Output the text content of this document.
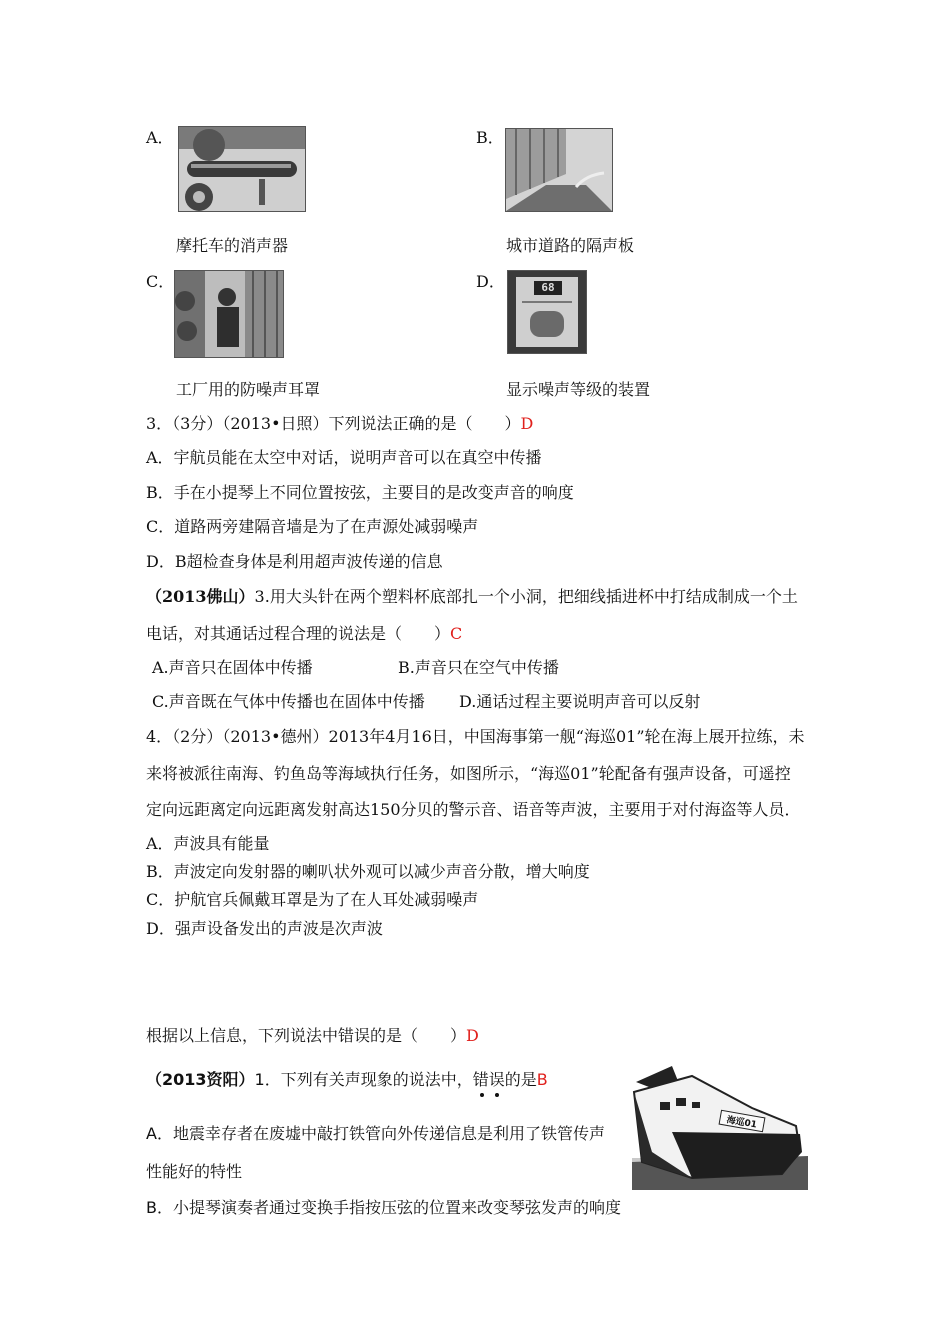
A．
摩托车的消声器
B．
城市道路的隔声板
C．
工厂用的防噪声耳罩
D．	68
显示噪声等级的装置
3．（3分）（2013•日照）下列说法正确的是（　　）D
A．宇航员能在太空中对话，说明声音可以在真空中传播
B．手在小提琴上不同位置按弦，主要目的是改变声音的响度
C．道路两旁建隔音墙是为了在声源处减弱噪声
D．B超检查身体是利用超声波传递的信息
（2013佛山）3.用大头针在两个塑料杯底部扎一个小洞，把细线插进杯中打结成制成一个土
电话，对其通话过程合理的说法是（　　）C
A.声音只在固体中传播	B.声音只在空气中传播
C.声音既在气体中传播也在固体中传播 D.通话过程主要说明声音可以反射
4．（2分）（2013•德州）2013年4月16日，中国海事第一舰“海巡01”轮在海上展开拉练，未
来将被派往南海、钓鱼岛等海域执行任务，如图所示，“海巡01”轮配备有强声设备，可遥控
定向远距离定向远距离发射高达150分贝的警示音、语音等声波，主要用于对付海盗等人员．
A．声波具有能量
B．声波定向发射器的喇叭状外观可以减少声音分散，增大响度
C．护航官兵佩戴耳罩是为了在人耳处减弱噪声
D．强声设备发出的声波是次声波
根据以上信息，下列说法中错误的是（　　）D
海巡01
（2013资阳）1．下列有关声现象的说法中，错误的是B
A．地震幸存者在废墟中敲打铁管向外传递信息是利用了铁管传声
性能好的特性
B．小提琴演奏者通过变换手指按压弦的位置来改变琴弦发声的响度
